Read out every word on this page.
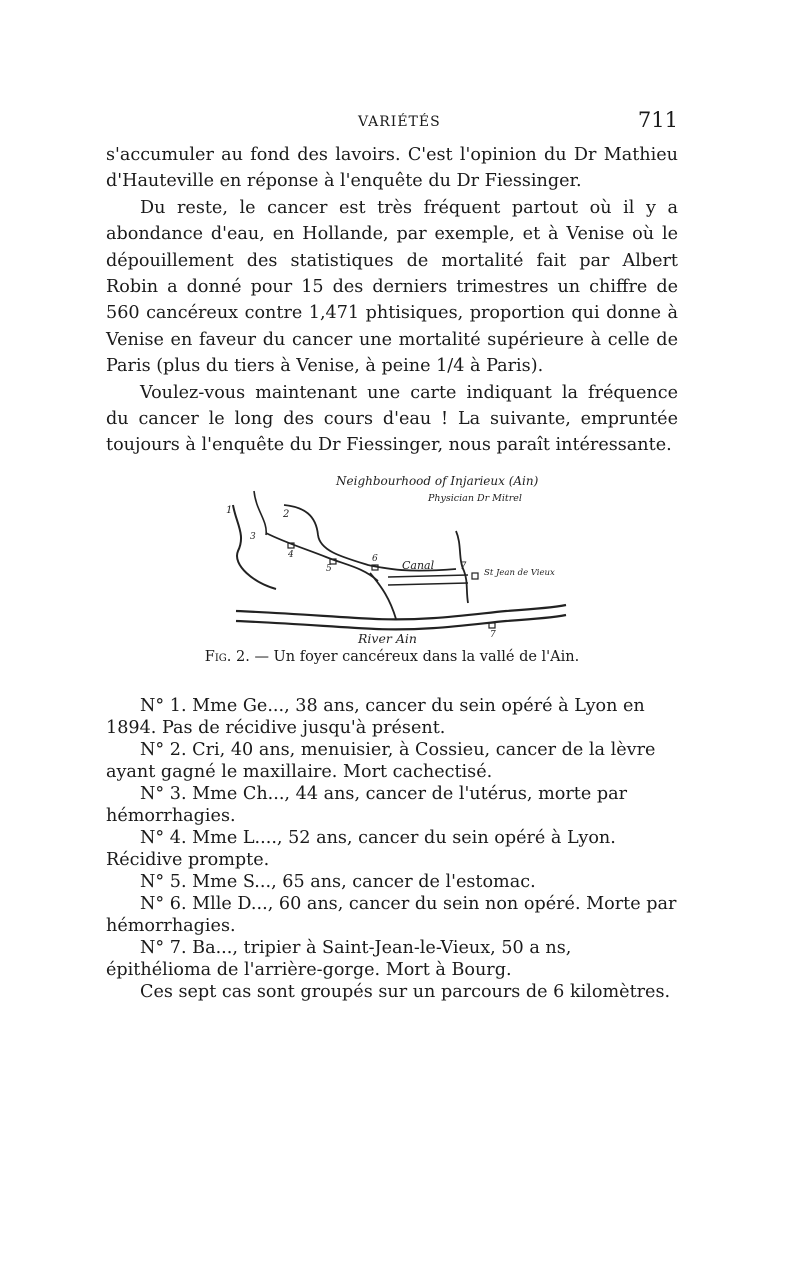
VARIÉTÉS	711

s'accumuler au fond des lavoirs. C'est l'opinion du Dr Mathieu d'Hauteville en réponse à l'enquête du Dr Fiessinger.

Du reste, le cancer est très fréquent partout où il y a abondance d'eau, en Hollande, par exemple, et à Venise où le dépouillement des statistiques de mortalité fait par Albert Robin a donné pour 15 des derniers trimestres un chiffre de 560 cancéreux contre 1,471 phtisiques, proportion qui donne à Venise en faveur du cancer une mortalité supérieure à celle de Paris (plus du tiers à Venise, à peine 1/4 à Paris).

Voulez-vous maintenant une carte indiquant la fréquence du cancer le long des cours d'eau ! La suivante, empruntée toujours à l'enquête du Dr Fiessinger, nous paraît intéressante.

Neighbourhood of Injarieux (Ain)
Physician Dr Mitrel
Canal
1	2
3
4
5
6
7
7
St Jean de Vieux
River Ain

Fig. 2. — Un foyer cancéreux dans la vallé de l'Ain.

N° 1. Mme Ge..., 38 ans, cancer du sein opéré à Lyon en 1894. Pas de récidive jusqu'à présent.

N° 2. Cri, 40 ans, menuisier, à Cossieu, cancer de la lèvre ayant gagné le maxillaire. Mort cachectisé.

N° 3. Mme Ch..., 44 ans, cancer de l'utérus, morte par hémorrhagies.

N° 4. Mme L...., 52 ans, cancer du sein opéré à Lyon. Récidive prompte.

N° 5. Mme S..., 65 ans, cancer de l'estomac.

N° 6. Mlle D..., 60 ans, cancer du sein non opéré. Morte par hémorrhagies.

N° 7. Ba..., tripier à Saint-Jean-le-Vieux, 50 a ns, épithélioma de l'arrière-gorge. Mort à Bourg.

Ces sept cas sont groupés sur un parcours de 6 kilomètres.
